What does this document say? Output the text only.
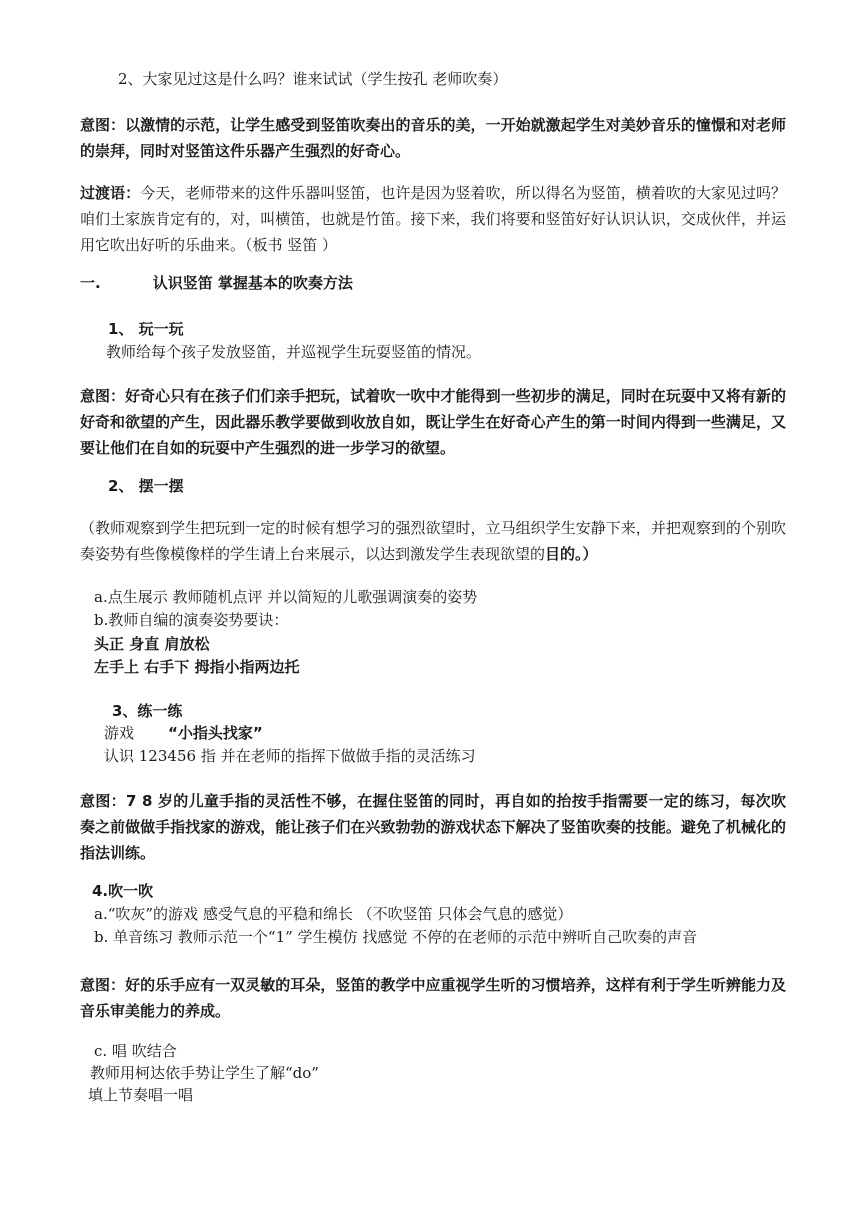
2、大家见过这是什么吗？谁来试试（学生按孔 老师吹奏）
意图：以激情的示范，让学生感受到竖笛吹奏出的音乐的美，一开始就激起学生对美妙音乐的憧憬和对老师的崇拜，同时对竖笛这件乐器产生强烈的好奇心。
过渡语：今天，老师带来的这件乐器叫竖笛，也许是因为竖着吹，所以得名为竖笛，横着吹的大家见过吗？咱们土家族肯定有的，对，叫横笛，也就是竹笛。接下来，我们将要和竖笛好好认识认识，交成伙伴，并运用它吹出好听的乐曲来。（板书 竖笛 ）
一.	认识竖笛 掌握基本的吹奏方法
1、 玩一玩
教师给每个孩子发放竖笛，并巡视学生玩耍竖笛的情况。
意图：好奇心只有在孩子们们亲手把玩，试着吹一吹中才能得到一些初步的满足，同时在玩耍中又将有新的好奇和欲望的产生，因此器乐教学要做到收放自如，既让学生在好奇心产生的第一时间内得到一些满足，又要让他们在自如的玩耍中产生强烈的进一步学习的欲望。
2、 摆一摆
（教师观察到学生把玩到一定的时候有想学习的强烈欲望时，立马组织学生安静下来，并把观察到的个别吹奏姿势有些像模像样的学生请上台来展示，以达到激发学生表现欲望的目的。）
a.点生展示 教师随机点评 并以简短的儿歌强调演奏的姿势
b.教师自编的演奏姿势要诀：
头正 身直 肩放松
左手上 右手下 拇指小指两边托
3、练一练
游戏 “小指头找家”
认识 123456 指 并在老师的指挥下做做手指的灵活练习
意图：7 8 岁的儿童手指的灵活性不够，在握住竖笛的同时，再自如的抬按手指需要一定的练习，每次吹奏之前做做手指找家的游戏，能让孩子们在兴致勃勃的游戏状态下解决了竖笛吹奏的技能。避免了机械化的指法训练。
4.吹一吹
a.“吹灰”的游戏 感受气息的平稳和绵长 （不吹竖笛 只体会气息的感觉）
b. 单音练习 教师示范一个“1” 学生模仿 找感觉 不停的在老师的示范中辨听自己吹奏的声音
意图：好的乐手应有一双灵敏的耳朵，竖笛的教学中应重视学生听的习惯培养，这样有利于学生听辨能力及音乐审美能力的养成。
c. 唱 吹结合
教师用柯达依手势让学生了解“do”
填上节奏唱一唱
